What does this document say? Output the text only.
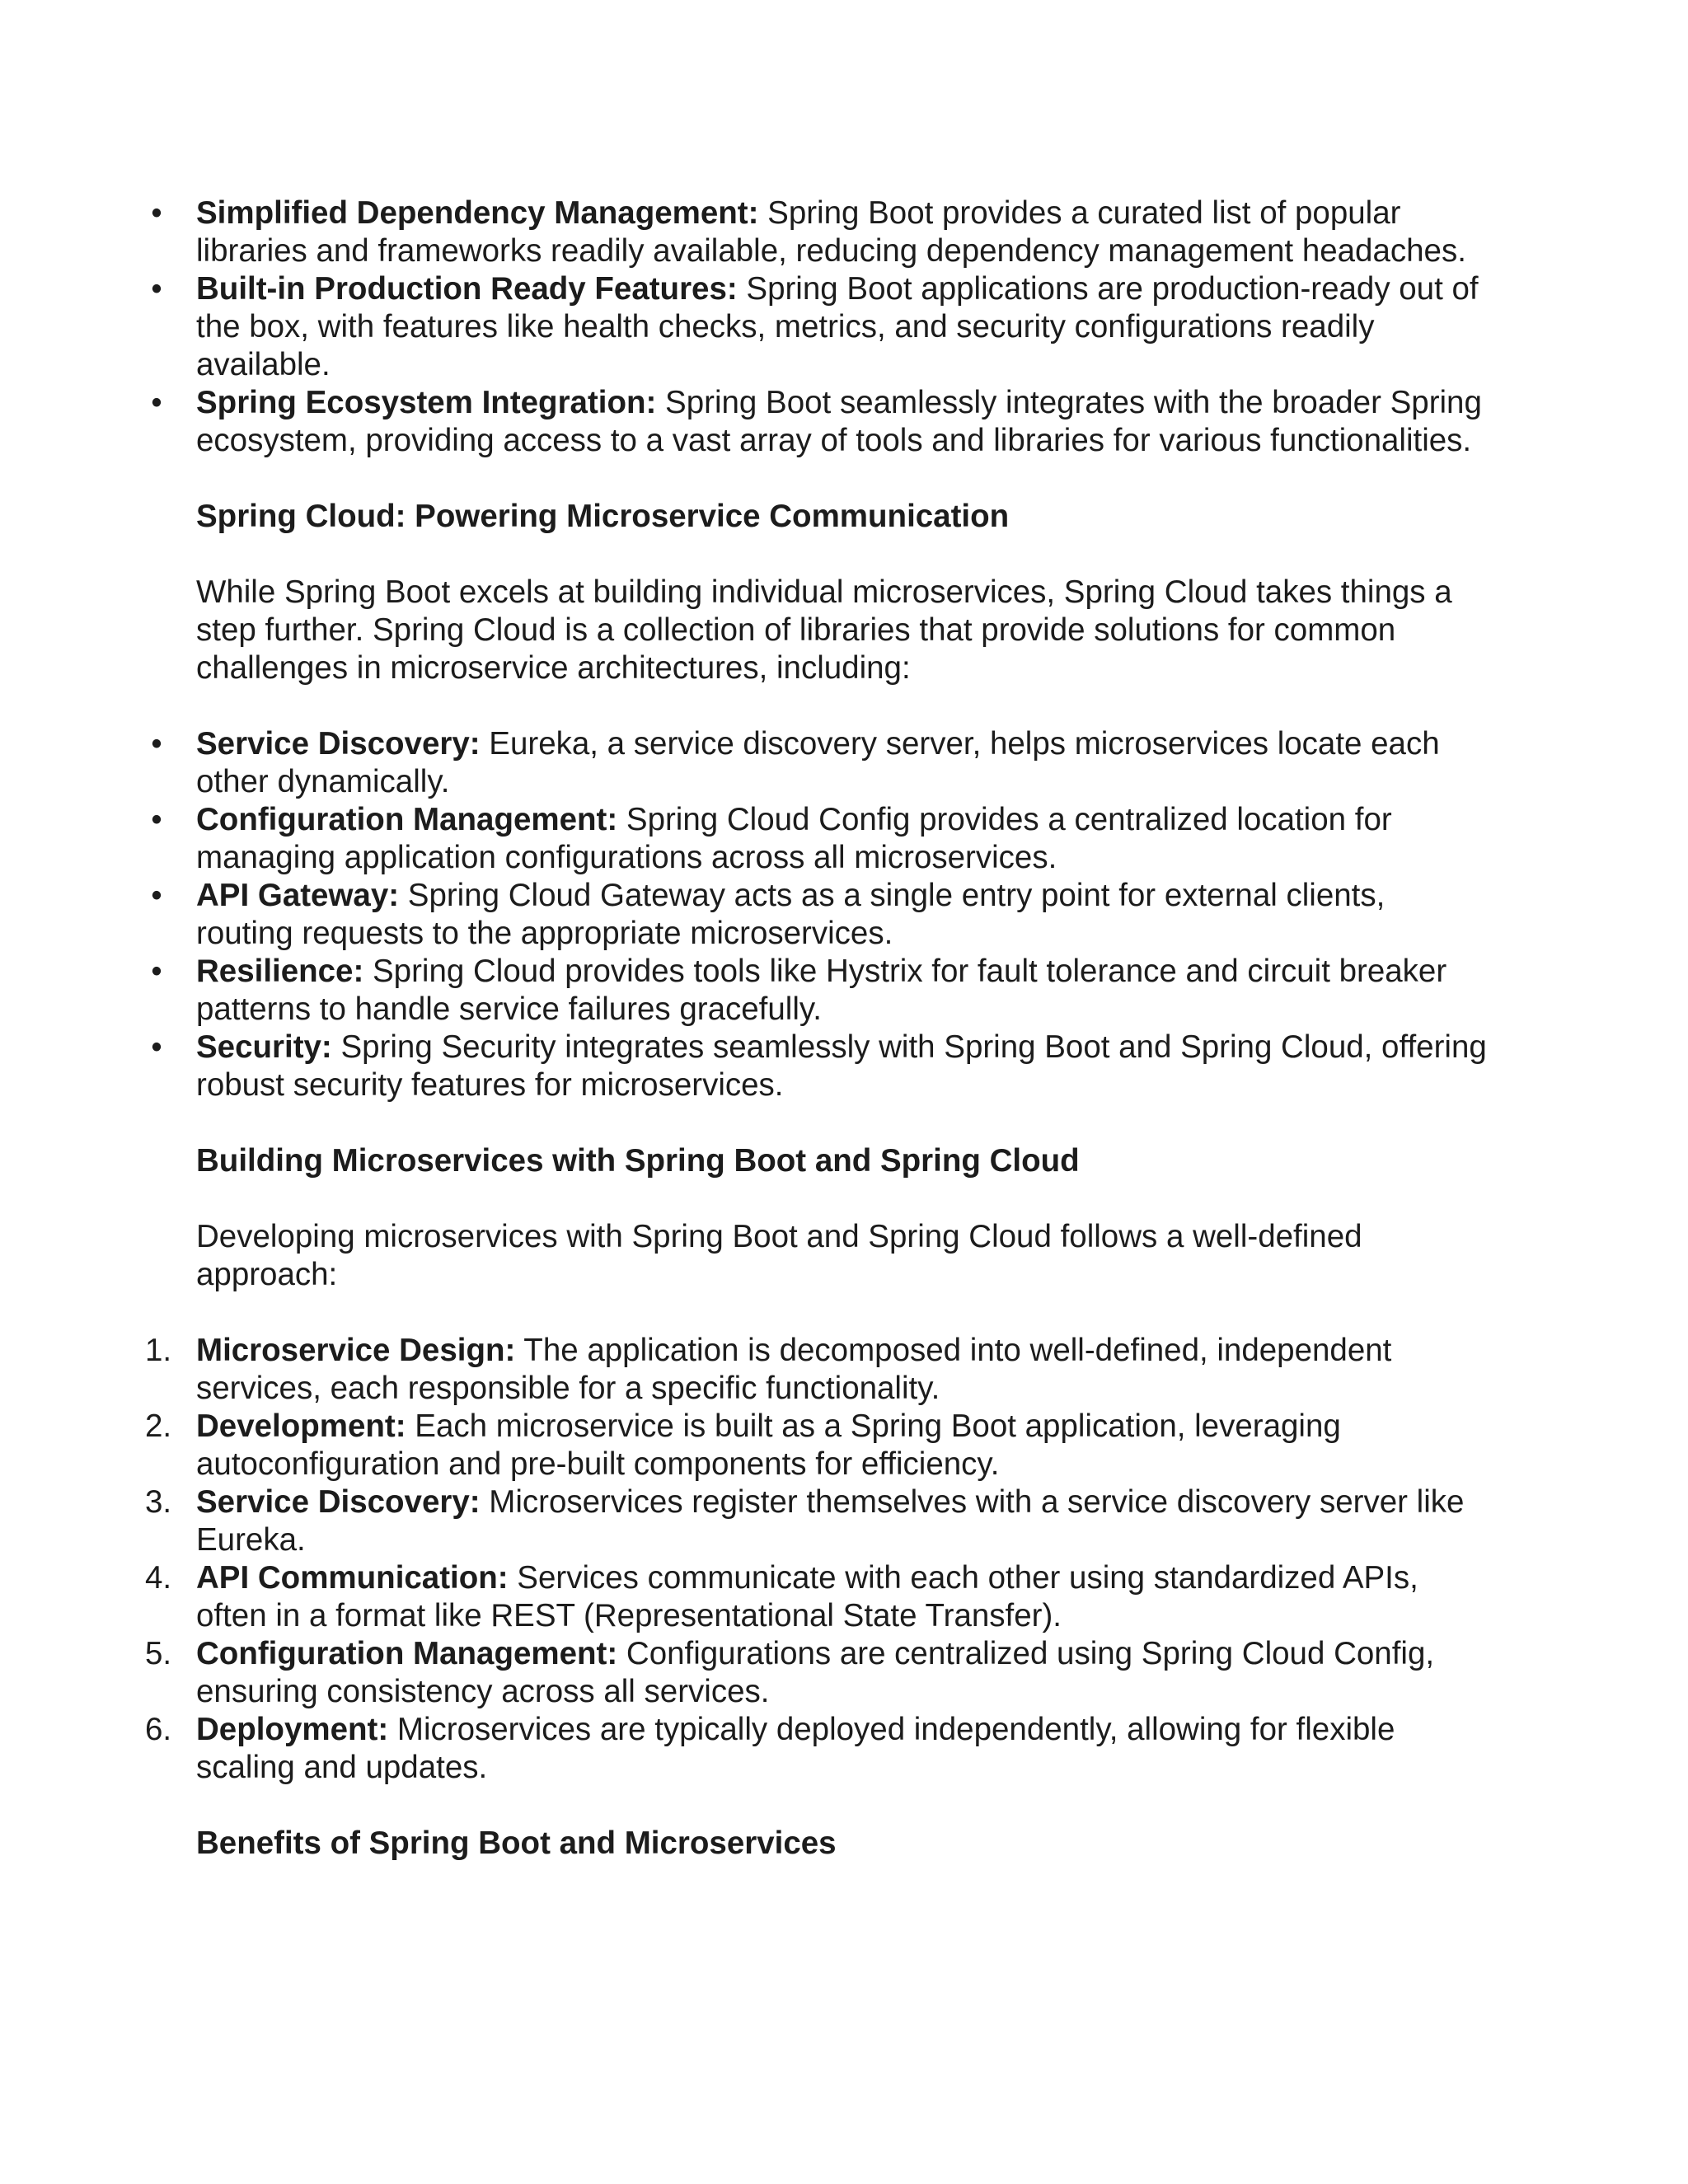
•	Simplified Dependency Management: Spring Boot provides a curated list of popular libraries and frameworks readily available, reducing dependency management headaches.
•	Built-in Production Ready Features: Spring Boot applications are production-ready out of the box, with features like health checks, metrics, and security configurations readily available.
•	Spring Ecosystem Integration: Spring Boot seamlessly integrates with the broader Spring ecosystem, providing access to a vast array of tools and libraries for various functionalities.
Spring Cloud: Powering Microservice Communication
While Spring Boot excels at building individual microservices, Spring Cloud takes things a step further. Spring Cloud is a collection of libraries that provide solutions for common challenges in microservice architectures, including:
•	Service Discovery: Eureka, a service discovery server, helps microservices locate each other dynamically.
•	Configuration Management: Spring Cloud Config provides a centralized location for managing application configurations across all microservices.
•	API Gateway: Spring Cloud Gateway acts as a single entry point for external clients, routing requests to the appropriate microservices.
•	Resilience: Spring Cloud provides tools like Hystrix for fault tolerance and circuit breaker patterns to handle service failures gracefully.
•	Security: Spring Security integrates seamlessly with Spring Boot and Spring Cloud, offering robust security features for microservices.
Building Microservices with Spring Boot and Spring Cloud
Developing microservices with Spring Boot and Spring Cloud follows a well-defined approach:
1. Microservice Design: The application is decomposed into well-defined, independent services, each responsible for a specific functionality.
2. Development: Each microservice is built as a Spring Boot application, leveraging autoconfiguration and pre-built components for efficiency.
3. Service Discovery: Microservices register themselves with a service discovery server like Eureka.
4. API Communication: Services communicate with each other using standardized APIs, often in a format like REST (Representational State Transfer).
5. Configuration Management: Configurations are centralized using Spring Cloud Config, ensuring consistency across all services.
6. Deployment: Microservices are typically deployed independently, allowing for flexible scaling and updates.
Benefits of Spring Boot and Microservices
